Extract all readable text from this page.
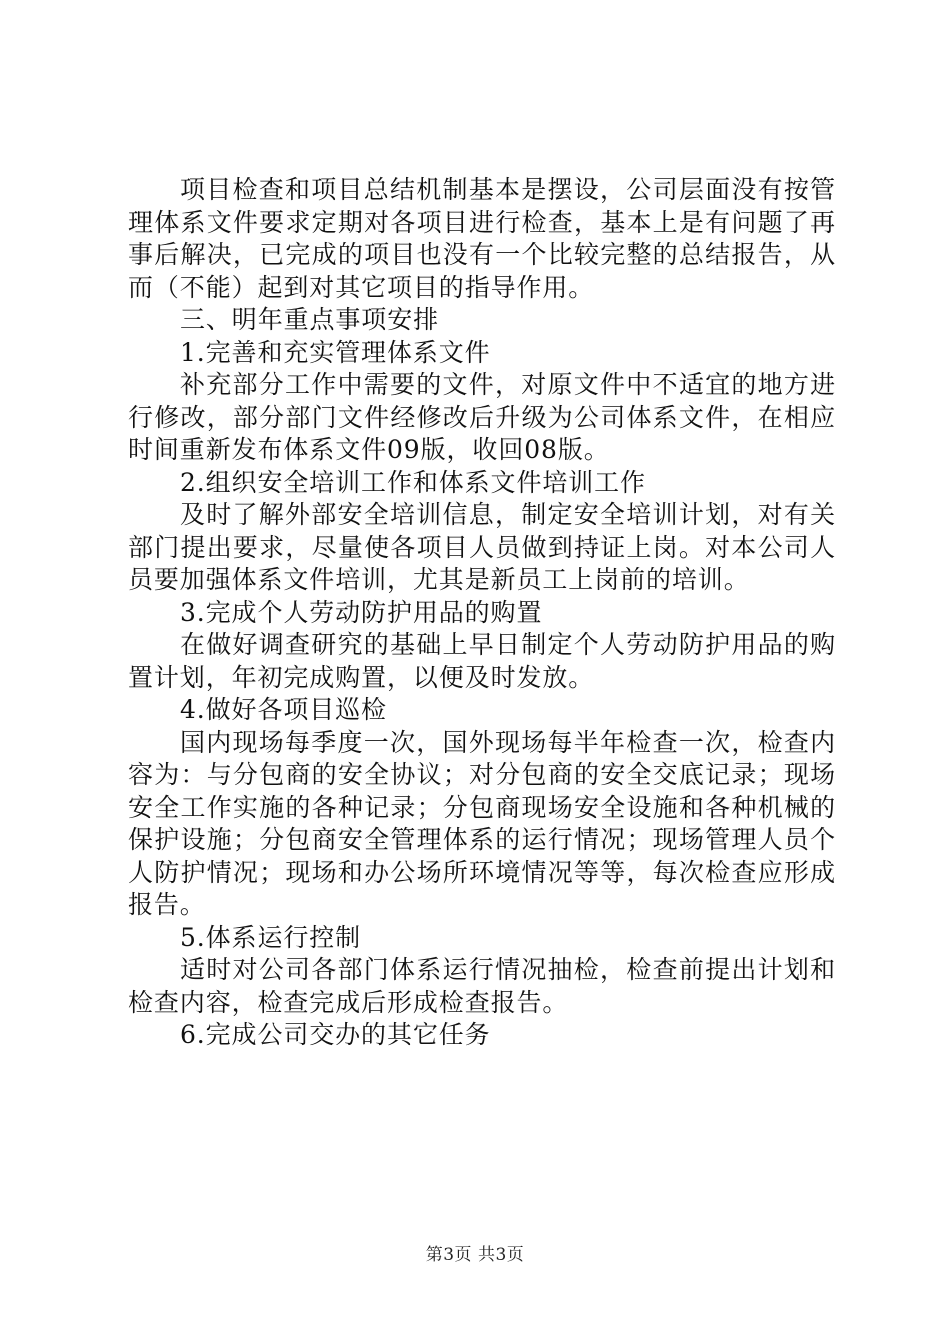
项目检查和项目总结机制基本是摆设，公司层面没有按管理体系文件要求定期对各项目进行检查，基本上是有问题了再事后解决，已完成的项目也没有一个比较完整的总结报告，从而（不能）起到对其它项目的指导作用。

三、明年重点事项安排

1.完善和充实管理体系文件

补充部分工作中需要的文件，对原文件中不适宜的地方进行修改，部分部门文件经修改后升级为公司体系文件，在相应时间重新发布体系文件09版，收回08版。

2.组织安全培训工作和体系文件培训工作

及时了解外部安全培训信息，制定安全培训计划，对有关部门提出要求，尽量使各项目人员做到持证上岗。对本公司人员要加强体系文件培训，尤其是新员工上岗前的培训。

3.完成个人劳动防护用品的购置

在做好调查研究的基础上早日制定个人劳动防护用品的购置计划，年初完成购置，以便及时发放。

4.做好各项目巡检

国内现场每季度一次，国外现场每半年检查一次，检查内容为：与分包商的安全协议；对分包商的安全交底记录；现场安全工作实施的各种记录；分包商现场安全设施和各种机械的保护设施；分包商安全管理体系的运行情况；现场管理人员个人防护情况；现场和办公场所环境情况等等，每次检查应形成报告。

5.体系运行控制

适时对公司各部门体系运行情况抽检，检查前提出计划和检查内容，检查完成后形成检查报告。

6.完成公司交办的其它任务

第3页 共3页
